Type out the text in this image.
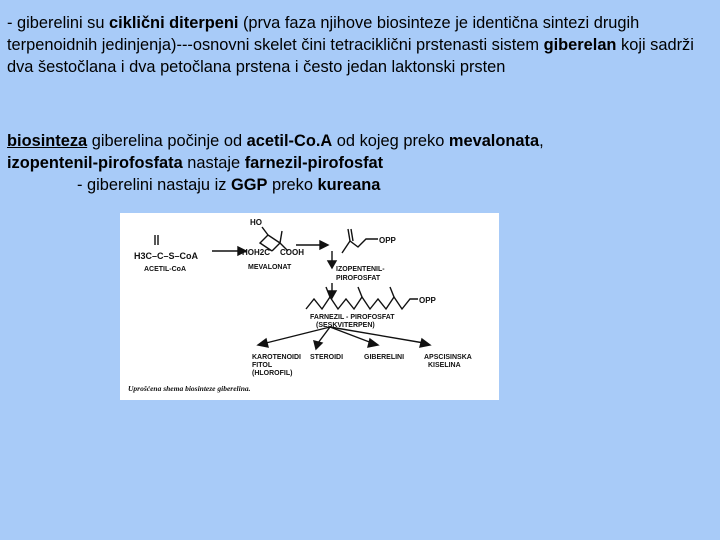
- giberelini su ciklični diterpeni (prva faza njihove biosinteze je identična sintezi drugih terpenoidnih jedinjenja)---osnovni skelet čini tetraciklični prstenasti sistem giberelan koji sadrži dva šestočlana i dva petočlana prstena i često jedan laktonski prsten

biosinteza giberelina počinje od acetil-Co.A od kojeg preko mevalonata,
izopentenil-pirofosfata nastaje farnezil-pirofosfat
- giberelini nastaju iz GGP preko kureana

H3C–C–S–CoA
ACETIL-CoA
HO
HOH2C COOH
MEVALONAT
OPP
IZOPENTENIL-
PIROFOSFAT
OPP
FARNEZIL - PIROFOSFAT
(SESKVITERPEN)
KAROTENOIDI
FITOL
(HLOROFIL)
STEROIDI	GIBERELINI	APSCISINSKA
KISELINA
Uprošćena shema biosinteze giberelina.
